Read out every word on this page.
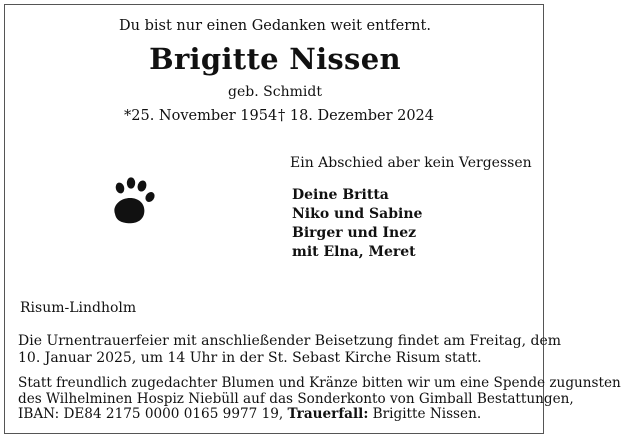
Du bist nur einen Gedanken weit entfernt.
Brigitte Nissen
geb. Schmidt
*25. November 1954 † 18. Dezember 2024
Ein Abschied aber kein Vergessen
Deine Britta
Niko und Sabine
Birger und Inez
mit Elna, Meret
Risum-Lindholm
Die Urnentrauerfeier mit anschließender Beisetzung findet am Freitag, dem
10. Januar 2025, um 14 Uhr in der St. Sebast Kirche Risum statt.
Statt freundlich zugedachter Blumen und Kränze bitten wir um eine Spende zugunsten
des Wilhelminen Hospiz Niebüll auf das Sonderkonto von Gimball Bestattungen,
IBAN: DE84 2175 0000 0165 9977 19, Trauerfall: Brigitte Nissen.
